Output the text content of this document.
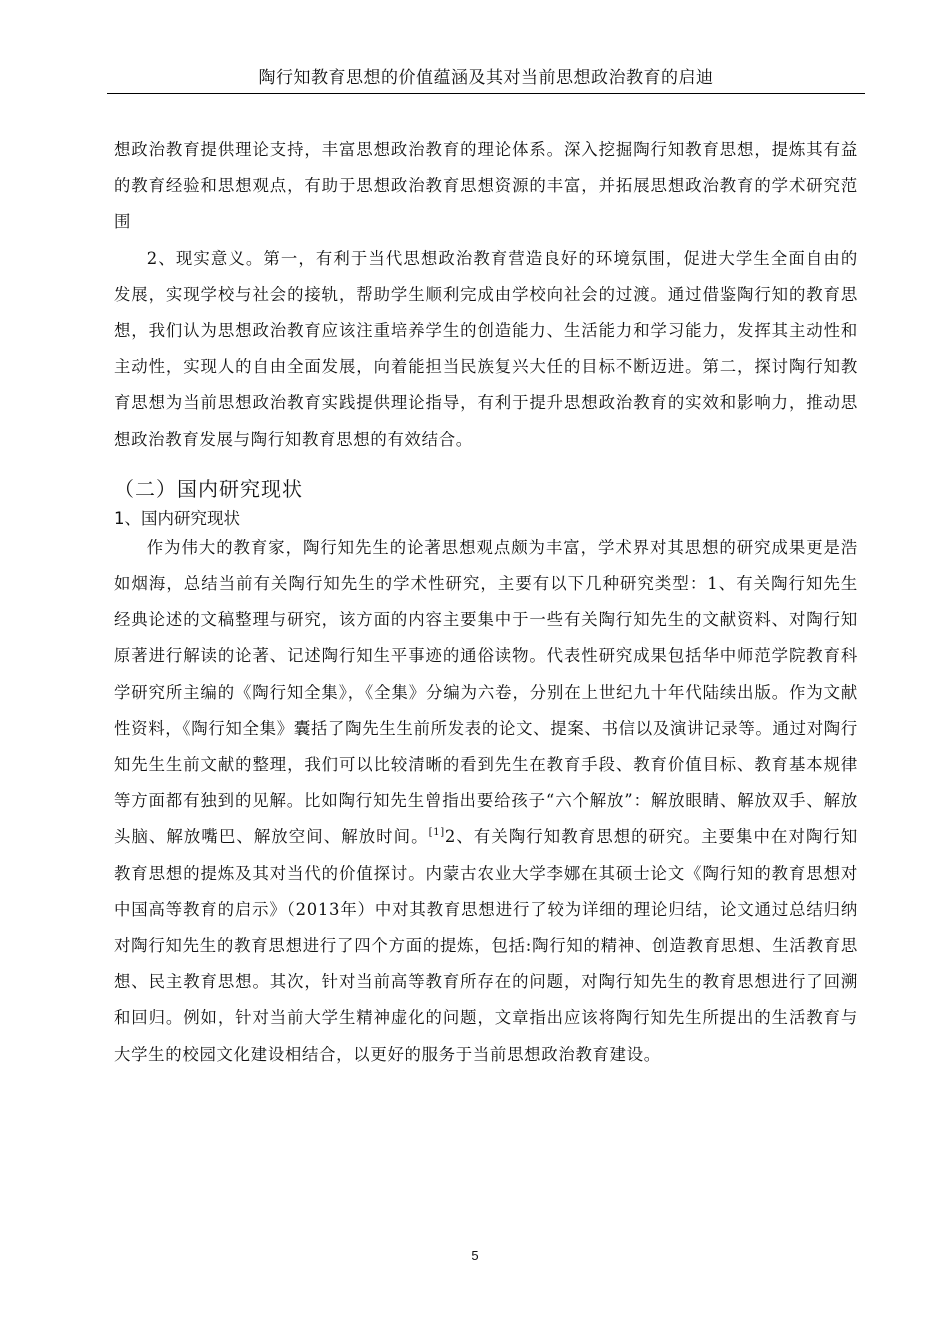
陶行知教育思想的价值蕴涵及其对当前思想政治教育的启迪

想政治教育提供理论支持，丰富思想政治教育的理论体系。深入挖掘陶行知教育思想，提炼其有益的教育经验和思想观点，有助于思想政治教育思想资源的丰富，并拓展思想政治教育的学术研究范围

2、现实意义。第一，有利于当代思想政治教育营造良好的环境氛围，促进大学生全面自由的发展，实现学校与社会的接轨，帮助学生顺利完成由学校向社会的过渡。通过借鉴陶行知的教育思想，我们认为思想政治教育应该注重培养学生的创造能力、生活能力和学习能力，发挥其主动性和主动性，实现人的自由全面发展，向着能担当民族复兴大任的目标不断迈进。第二，探讨陶行知教育思想为当前思想政治教育实践提供理论指导，有利于提升思想政治教育的实效和影响力，推动思想政治教育发展与陶行知教育思想的有效结合。

（二）国内研究现状
1、国内研究现状

作为伟大的教育家，陶行知先生的论著思想观点颇为丰富，学术界对其思想的研究成果更是浩如烟海，总结当前有关陶行知先生的学术性研究，主要有以下几种研究类型：1、有关陶行知先生经典论述的文稿整理与研究，该方面的内容主要集中于一些有关陶行知先生的文献资料、对陶行知原著进行解读的论著、记述陶行知生平事迹的通俗读物。代表性研究成果包括华中师范学院教育科学研究所主编的《陶行知全集》，《全集》分编为六卷，分别在上世纪九十年代陆续出版。作为文献性资料，《陶行知全集》囊括了陶先生生前所发表的论文、提案、书信以及演讲记录等。通过对陶行知先生生前文献的整理，我们可以比较清晰的看到先生在教育手段、教育价值目标、教育基本规律等方面都有独到的见解。比如陶行知先生曾指出要给孩子“六个解放”：解放眼睛、解放双手、解放头脑、解放嘴巴、解放空间、解放时间。[1]2、有关陶行知教育思想的研究。主要集中在对陶行知教育思想的提炼及其对当代的价值探讨。内蒙古农业大学李娜在其硕士论文《陶行知的教育思想对中国高等教育的启示》（2013年）中对其教育思想进行了较为详细的理论归结，论文通过总结归纳对陶行知先生的教育思想进行了四个方面的提炼，包括:陶行知的精神、创造教育思想、生活教育思想、民主教育思想。其次，针对当前高等教育所存在的问题，对陶行知先生的教育思想进行了回溯和回归。例如，针对当前大学生精神虚化的问题，文章指出应该将陶行知先生所提出的生活教育与大学生的校园文化建设相结合，以更好的服务于当前思想政治教育建设。

5
